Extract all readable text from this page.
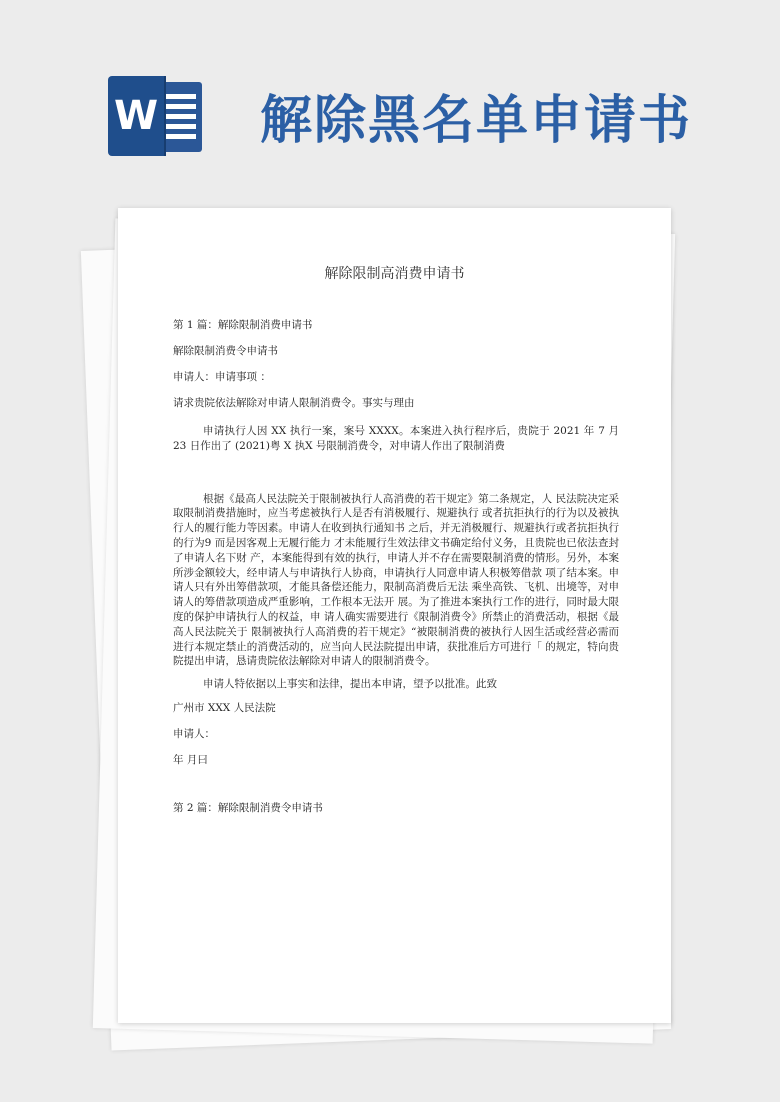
W 解除黑名单申请书
解除限制高消费申请书
第 1 篇：解除限制消费申请书
解除限制消费令申请书
申请人：申请事项 ：
请求贵院依法解除对申请人限制消费令。事实与理由

申请执行人因 XX 执行一案，案号 XXXX。本案进入执行程序后，贵院于 2021 年 7 月 23 日作出了 (2021)粤 X 执X 号限制消费令，对申请人作出了限制消费

根据《最高人民法院关于限制被执行人高消费的若干规定》第二条规定，人 民法院决定采取限制消费措施时，应当考虑被执行人是否有消极履行、规避执行 或者抗拒执行的行为以及被执行人的履行能力等因素。申请人在收到执行通知书 之后，并无消极履行、规避执行或者抗拒执行的行为9 而是因客观上无履行能力 才未能履行生效法律文书确定给付义务，且贵院也已依法查封了申请人名下财 产，本案能得到有效的执行，申请人并不存在需要限制消费的情形。另外，本案 所涉金额较大，经申请人与申请执行人协商，申请执行人同意申请人积极筹借款 项了结本案。申请人只有外出筹借款项，才能具备偿还能力，限制高消费后无法 乘坐高铁、飞机、出境等，对申请人的筹借款项造成严重影响，工作根本无法开 展。为了推进本案执行工作的进行，同时最大限度的保护申请执行人的权益，申 请人确实需要进行《限制消费令》所禁止的消费活动，根据《最高人民法院关于 限制被执行人高消费的若干规定》“被限制消费的被执行人因生活或经营必需而 进行本规定禁止的消费活动的，应当向人民法院提出申请，获批准后方可进行「 的规定，特向贵院提出申请，恳请贵院依法解除对申请人的限制消费令。

申请人特依据以上事实和法律，提出本申请，望予以批准。此致
广州市 XXX 人民法院
申请人：
年 月曰
第 2 篇：解除限制消费令申请书
